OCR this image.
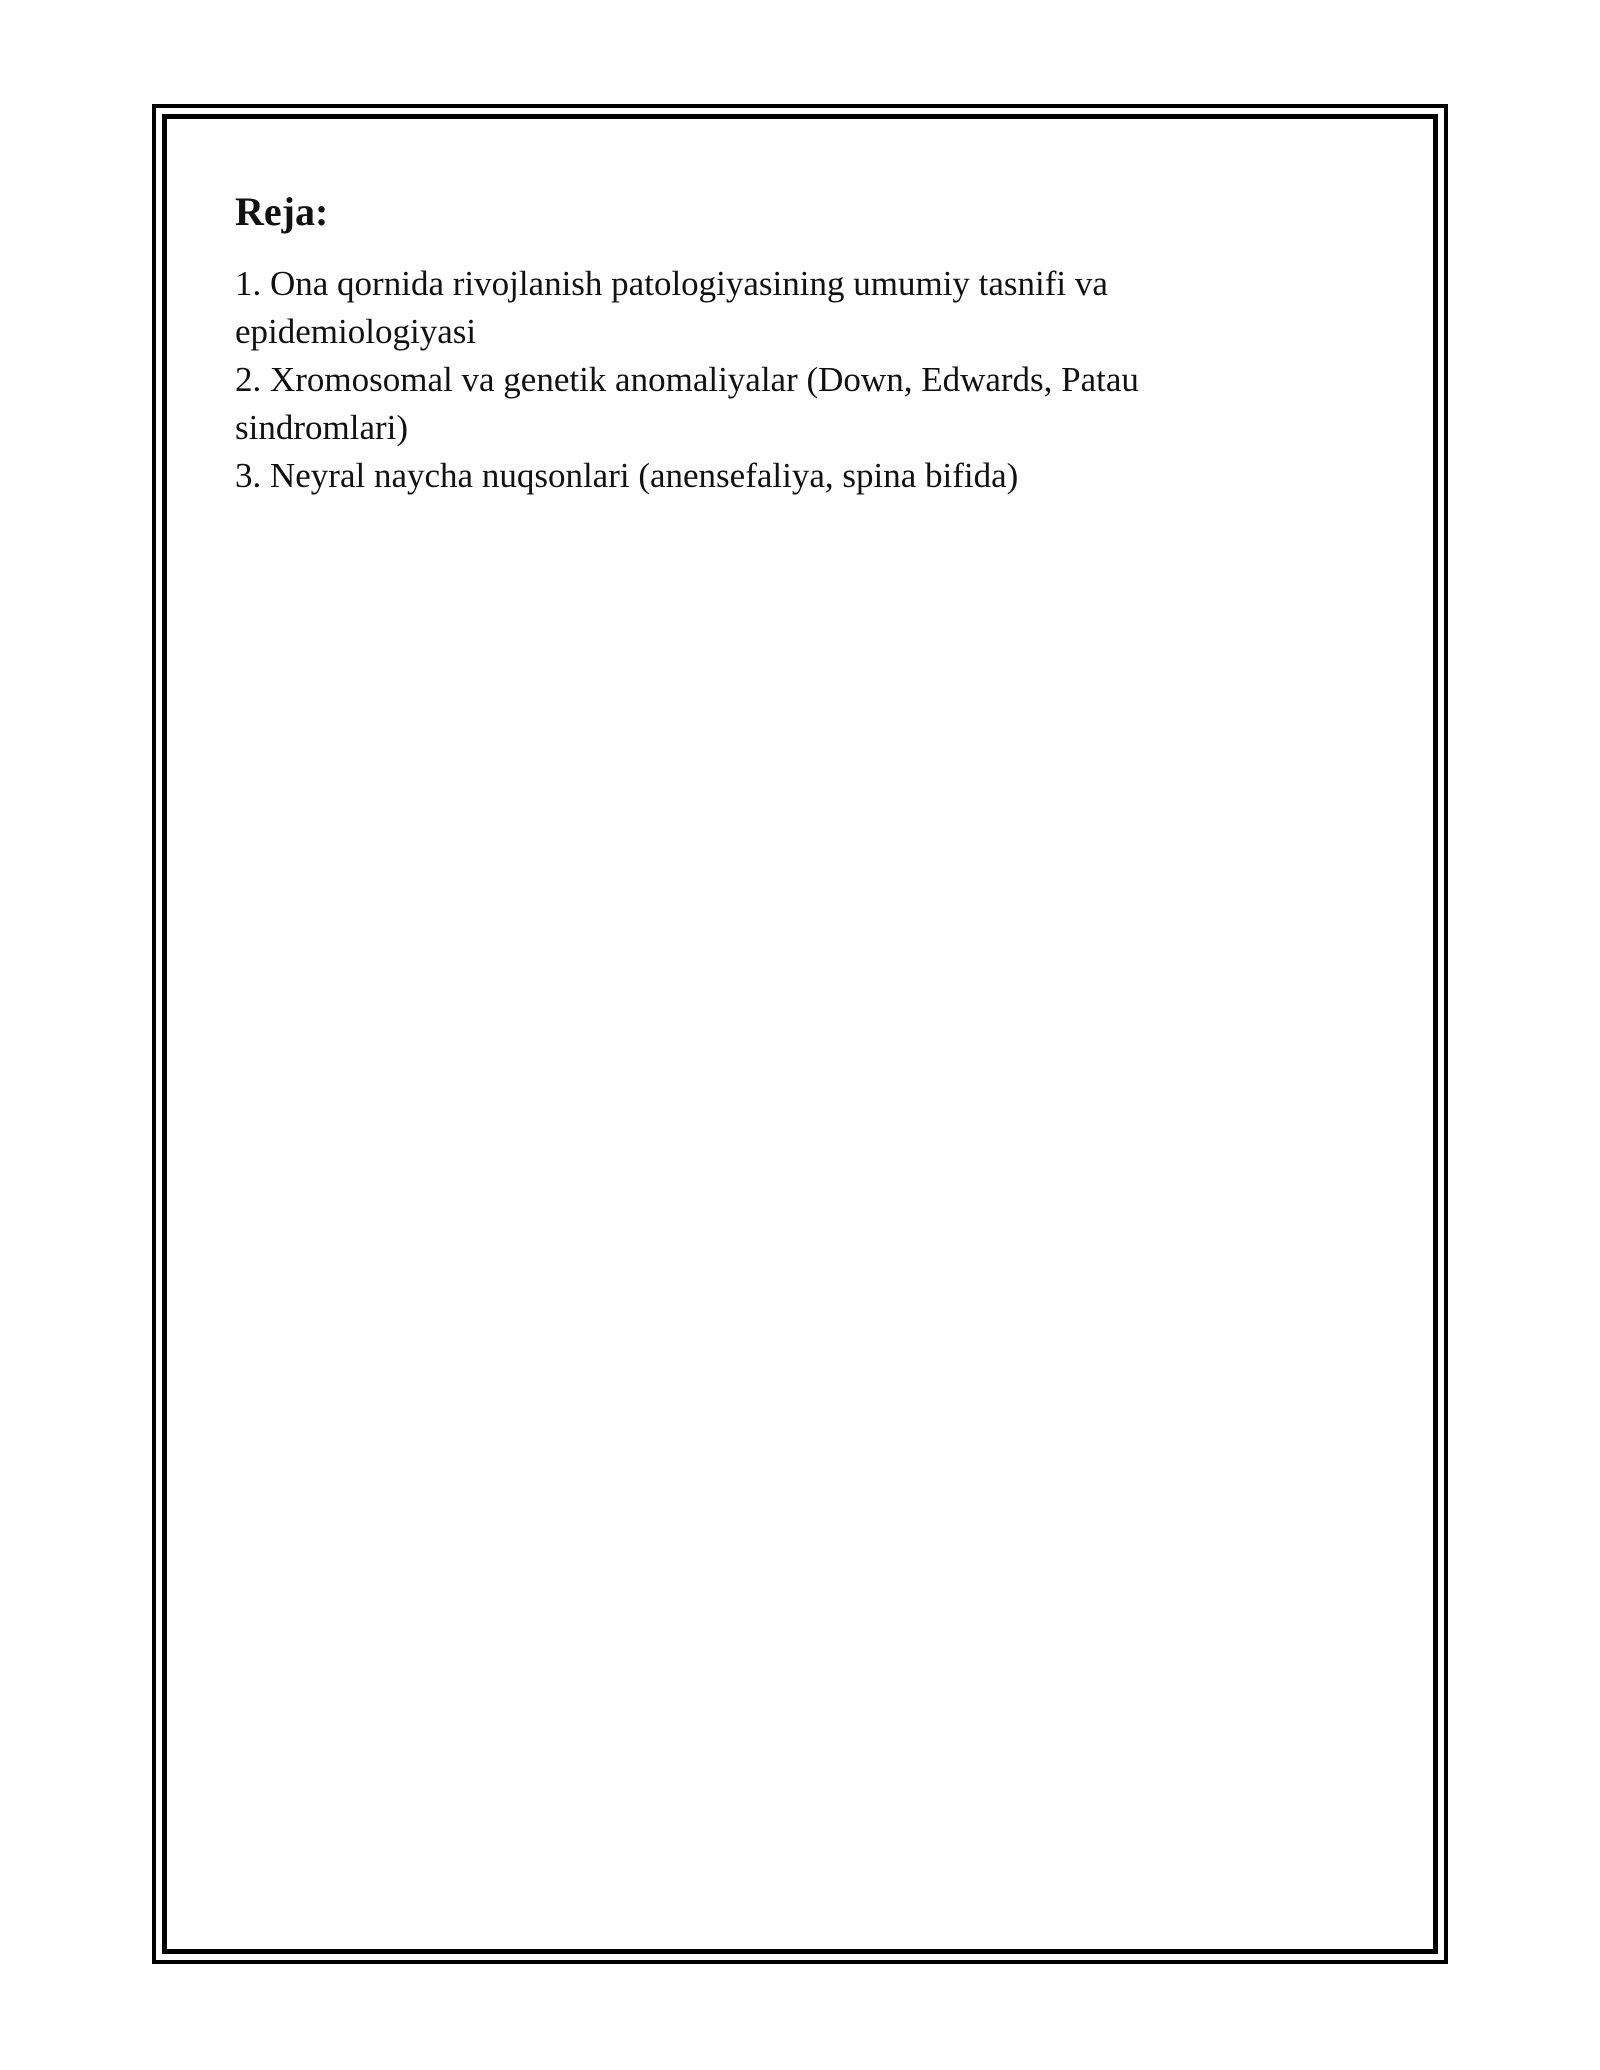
Reja:
1. Ona qornida rivojlanish patologiyasining umumiy tasnifi va
epidemiologiyasi
2. Xromosomal va genetik anomaliyalar (Down, Edwards, Patau
sindromlari)
3. Neyral naycha nuqsonlari (anensefaliya, spina bifida)
